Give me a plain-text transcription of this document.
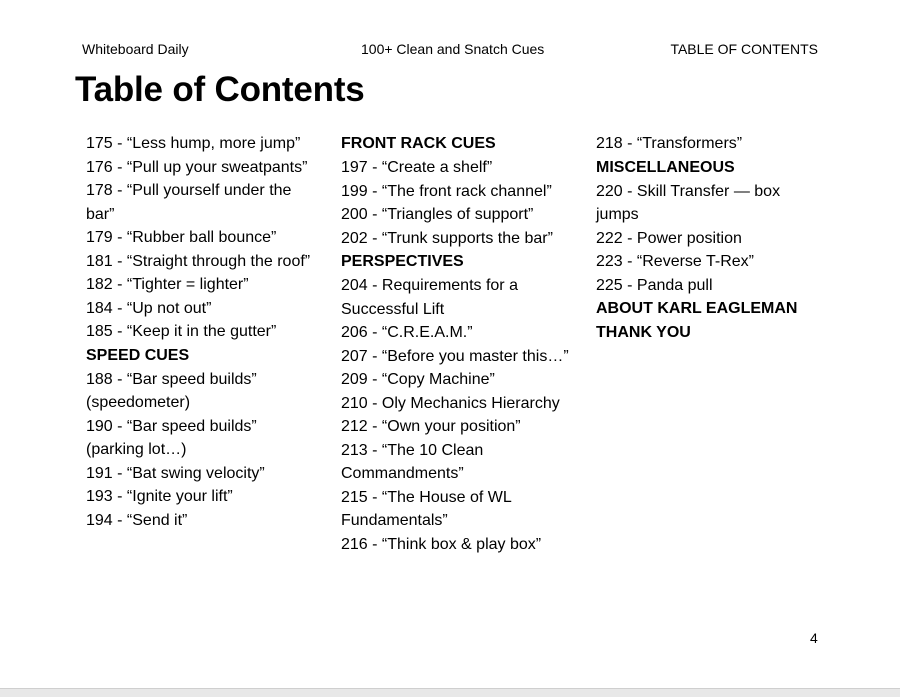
Whiteboard Daily	100+ Clean and Snatch Cues	TABLE OF CONTENTS
Table of Contents
175 - “Less hump, more jump”
176 - “Pull up your sweatpants”
178 - “Pull yourself under the bar”
179 - “Rubber ball bounce”
181 - “Straight through the roof”
182 - “Tighter = lighter”
184 - “Up not out”
185 - “Keep it in the gutter”
SPEED CUES
188 - “Bar speed builds” (speedometer)
190 - “Bar speed builds” (parking lot…)
191 - “Bat swing velocity”
193 - “Ignite your lift”
194 - “Send it”
FRONT RACK CUES
197 - “Create a shelf”
199 - “The front rack channel”
200 - “Triangles of support”
202 - “Trunk supports the bar”
PERSPECTIVES
204 - Requirements for a Successful Lift
206 - “C.R.E.A.M.”
207 - “Before you master this…”
209 - “Copy Machine”
210 - Oly Mechanics Hierarchy
212 - “Own your position”
213 - “The 10 Clean Commandments”
215 - “The House of WL Fundamentals”
216 - “Think box & play box”
218 - “Transformers”
MISCELLANEOUS
220 - Skill Transfer — box jumps
222 - Power position
223 - “Reverse T-Rex”
225 - Panda pull
ABOUT KARL EAGLEMAN
THANK YOU
4
